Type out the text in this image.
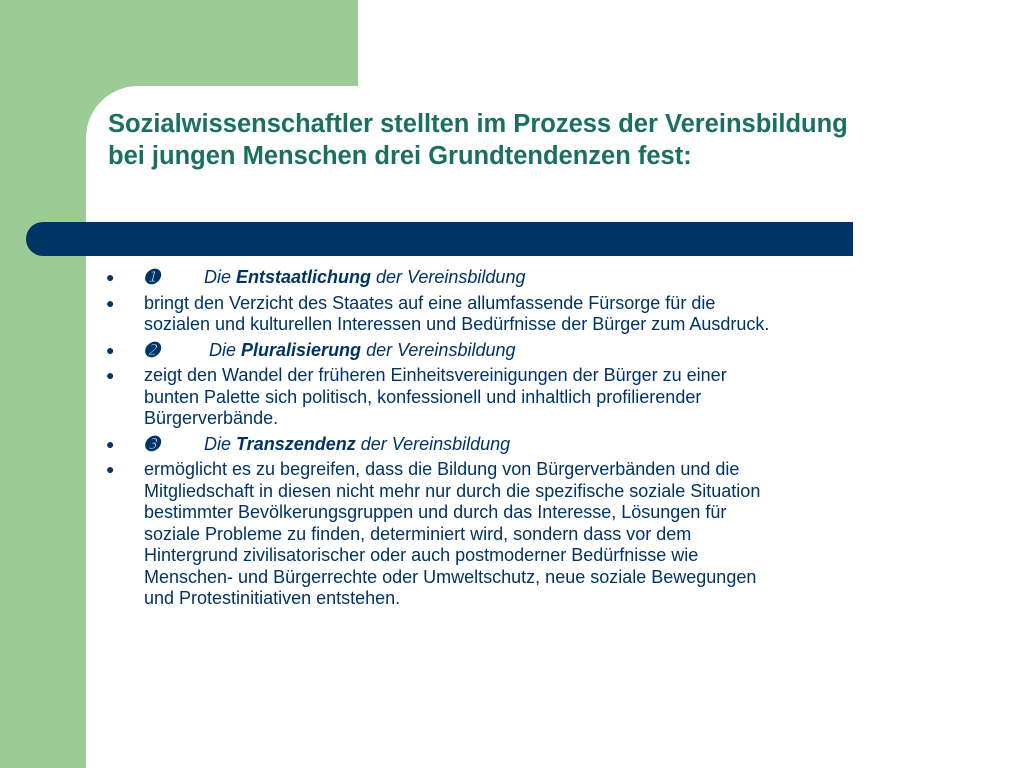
Sozialwissenschaftler stellten im Prozess der Vereinsbildung
bei jungen Menschen drei Grundtendenzen fest:
● ➊ Die Entstaatlichung der Vereinsbildung
● bringt den Verzicht des Staates auf eine allumfassende Fürsorge für die
sozialen und kulturellen Interessen und Bedürfnisse der Bürger zum Ausdruck.
● ➋ Die Pluralisierung der Vereinsbildung
● zeigt den Wandel der früheren Einheitsvereinigungen der Bürger zu einer
bunten Palette sich politisch, konfessionell und inhaltlich profilierender
Bürgerverbände.
● ➌ Die Transzendenz der Vereinsbildung
● ermöglicht es zu begreifen, dass die Bildung von Bürgerverbänden und die
Mitgliedschaft in diesen nicht mehr nur durch die spezifische soziale Situation
bestimmter Bevölkerungsgruppen und durch das Interesse, Lösungen für
soziale Probleme zu finden, determiniert wird, sondern dass vor dem
Hintergrund zivilisatorischer oder auch postmoderner Bedürfnisse wie
Menschen- und Bürgerrechte oder Umweltschutz, neue soziale Bewegungen
und Protestinitiativen entstehen.
